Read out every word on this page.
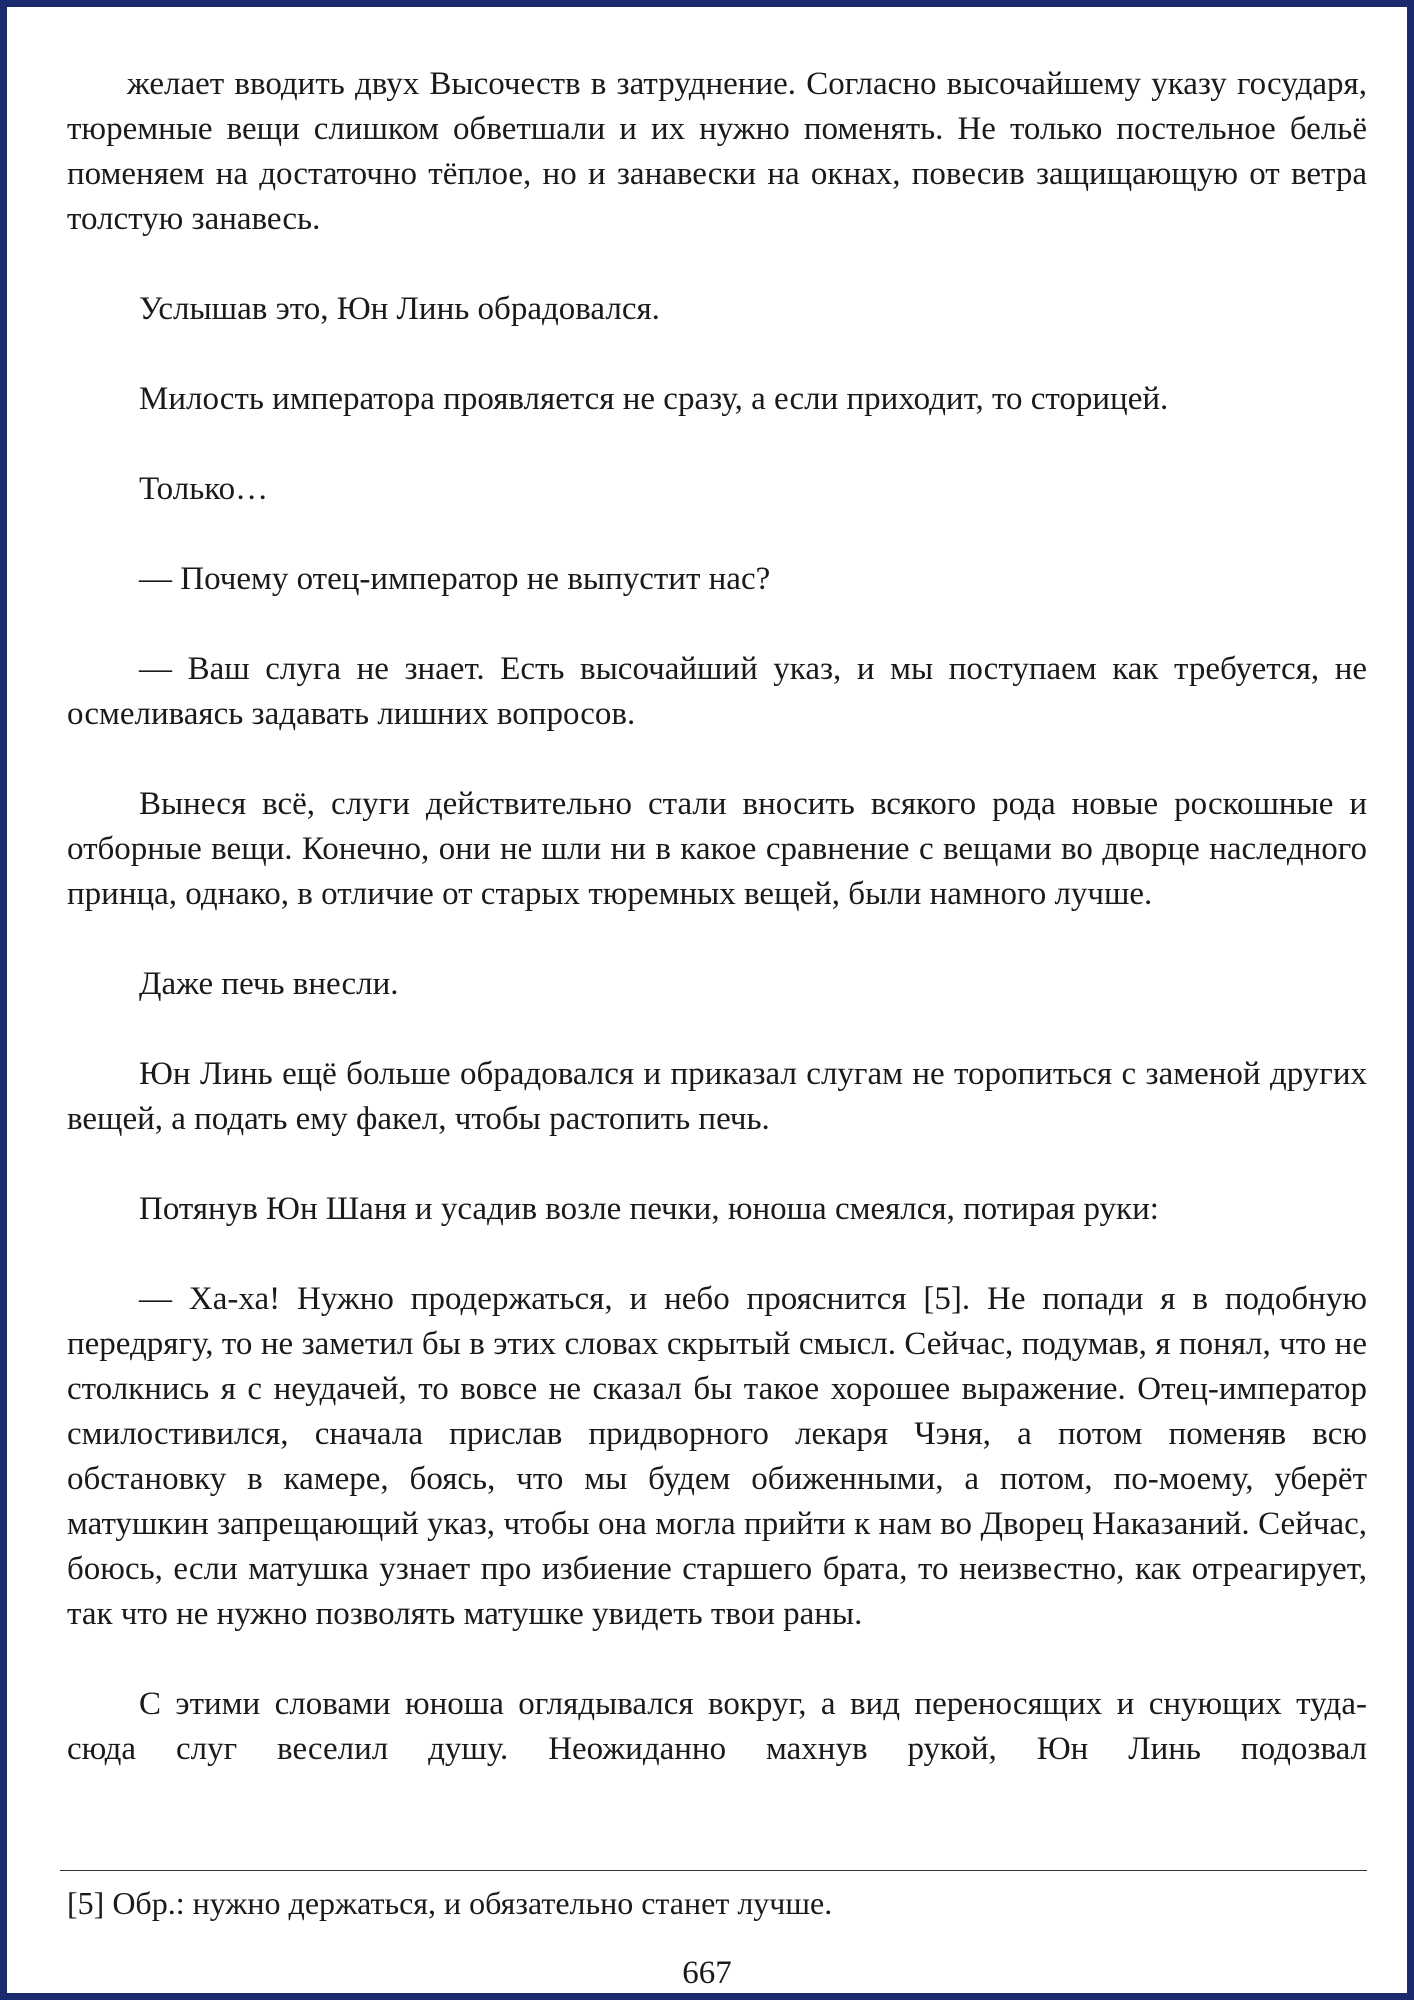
желает вводить двух Высочеств в затруднение. Согласно высочайшему указу государя, тюремные вещи слишком обветшали и их нужно поменять. Не только постельное бельё поменяем на достаточно тёплое, но и занавески на окнах, повесив защищающую от ветра толстую занавесь.

Услышав это, Юн Линь обрадовался.

Милость императора проявляется не сразу, а если приходит, то сторицей.

Только…

— Почему отец-император не выпустит нас?

— Ваш слуга не знает. Есть высочайший указ, и мы поступаем как требуется, не осмеливаясь задавать лишних вопросов.

Вынеся всё, слуги действительно стали вносить всякого рода новые роскошные и отборные вещи. Конечно, они не шли ни в какое сравнение с вещами во дворце наследного принца, однако, в отличие от старых тюремных вещей, были намного лучше.

Даже печь внесли.

Юн Линь ещё больше обрадовался и приказал слугам не торопиться с заменой других вещей, а подать ему факел, чтобы растопить печь.

Потянув Юн Шаня и усадив возле печки, юноша смеялся, потирая руки:

— Ха-ха! Нужно продержаться, и небо прояснится [5]. Не попади я в подобную передрягу, то не заметил бы в этих словах скрытый смысл. Сейчас, подумав, я понял, что не столкнись я с неудачей, то вовсе не сказал бы такое хорошее выражение. Отец-император смилостивился, сначала прислав придворного лекаря Чэня, а потом поменяв всю обстановку в камере, боясь, что мы будем обиженными, а потом, по-моему, уберёт матушкин запрещающий указ, чтобы она могла прийти к нам во Дворец Наказаний. Сейчас, боюсь, если матушка узнает про избиение старшего брата, то неизвестно, как отреагирует, так что не нужно позволять матушке увидеть твои раны.

С этими словами юноша оглядывался вокруг, а вид переносящих и снующих туда-сюда слуг веселил душу. Неожиданно махнув рукой, Юн Линь подозвал

[5] Обр.: нужно держаться, и обязательно станет лучше.
667
